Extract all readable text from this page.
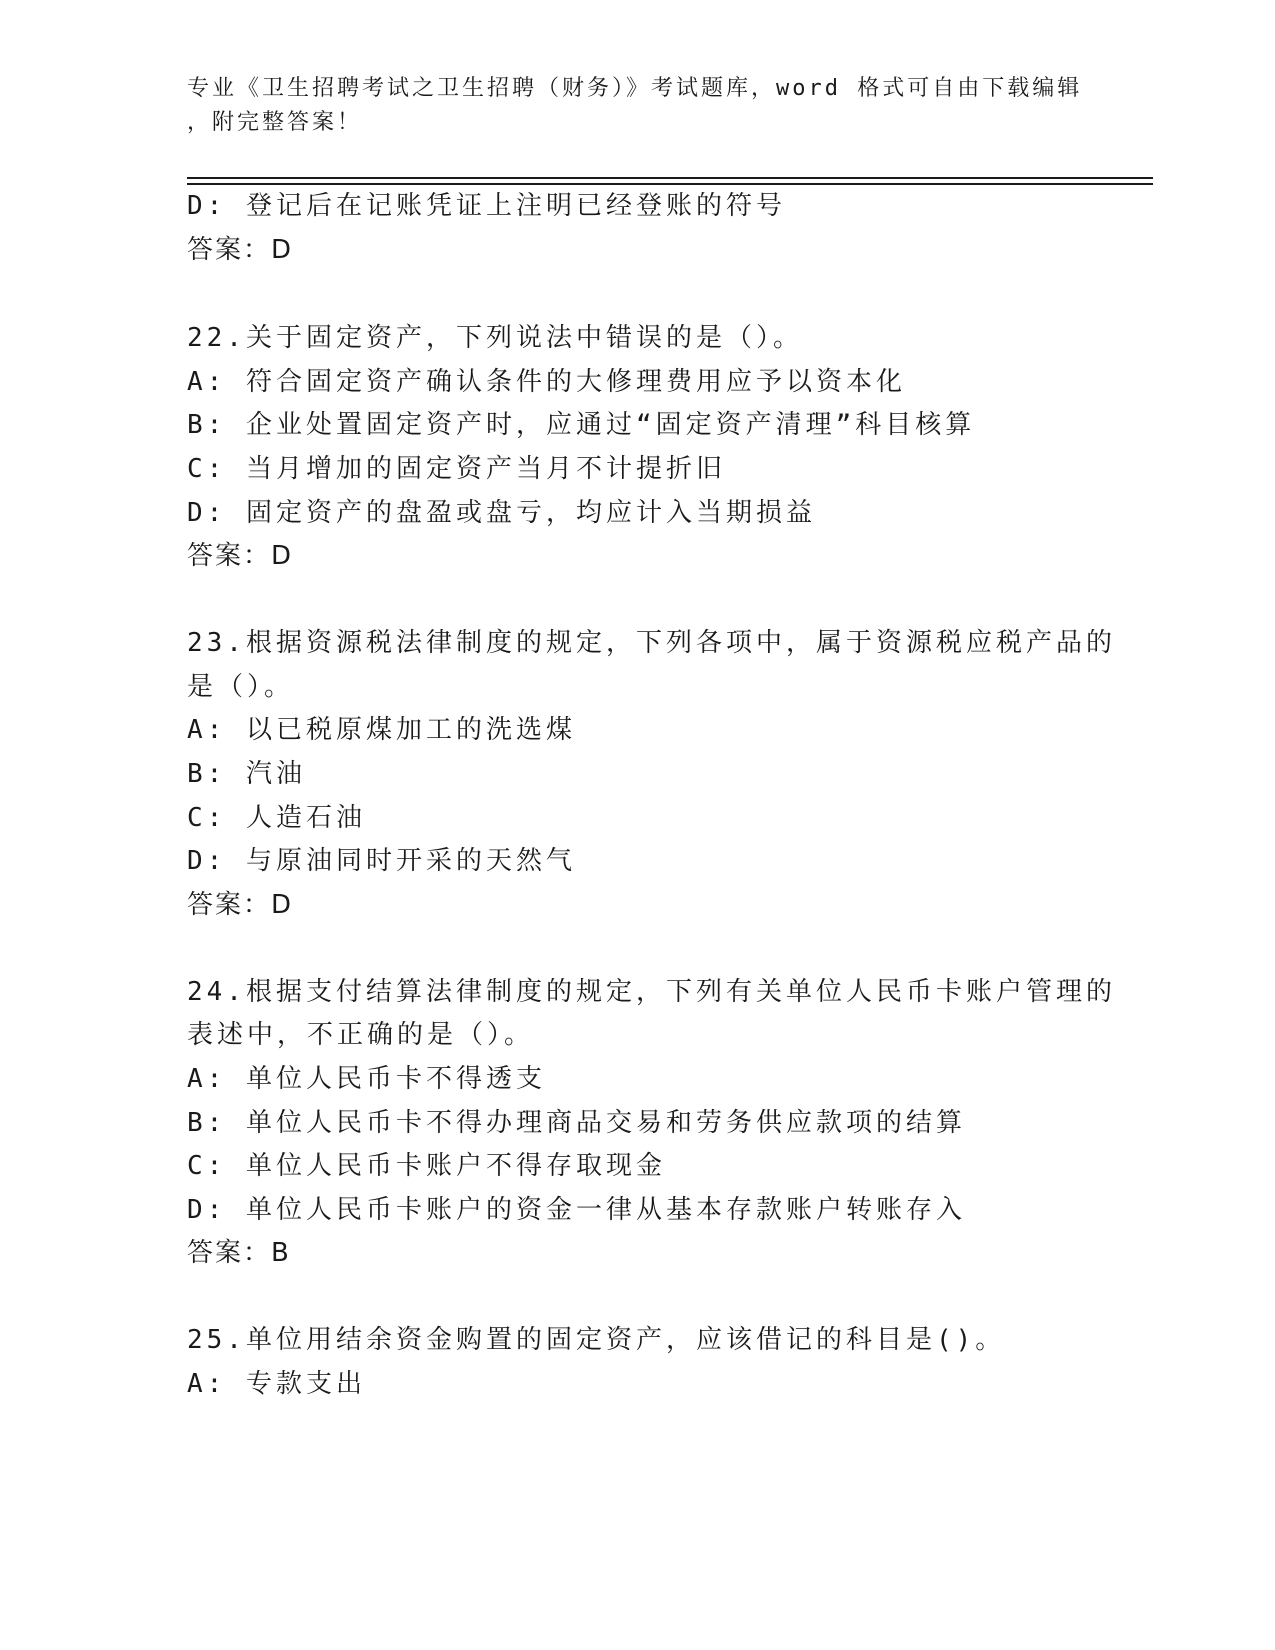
专业《卫生招聘考试之卫生招聘（财务）》考试题库，word 格式可自由下载编辑
，附完整答案！
D: 登记后在记账凭证上注明已经登账的符号
答案：D
22.关于固定资产，下列说法中错误的是（）。
A: 符合固定资产确认条件的大修理费用应予以资本化
B: 企业处置固定资产时，应通过“固定资产清理”科目核算
C: 当月增加的固定资产当月不计提折旧
D: 固定资产的盘盈或盘亏，均应计入当期损益
答案：D
23.根据资源税法律制度的规定，下列各项中，属于资源税应税产品的
是（）。
A: 以已税原煤加工的洗选煤
B: 汽油
C: 人造石油
D: 与原油同时开采的天然气
答案：D
24.根据支付结算法律制度的规定，下列有关单位人民币卡账户管理的
表述中，不正确的是（）。
A: 单位人民币卡不得透支
B: 单位人民币卡不得办理商品交易和劳务供应款项的结算
C: 单位人民币卡账户不得存取现金
D: 单位人民币卡账户的资金一律从基本存款账户转账存入
答案：B
25.单位用结余资金购置的固定资产，应该借记的科目是()。
A: 专款支出
